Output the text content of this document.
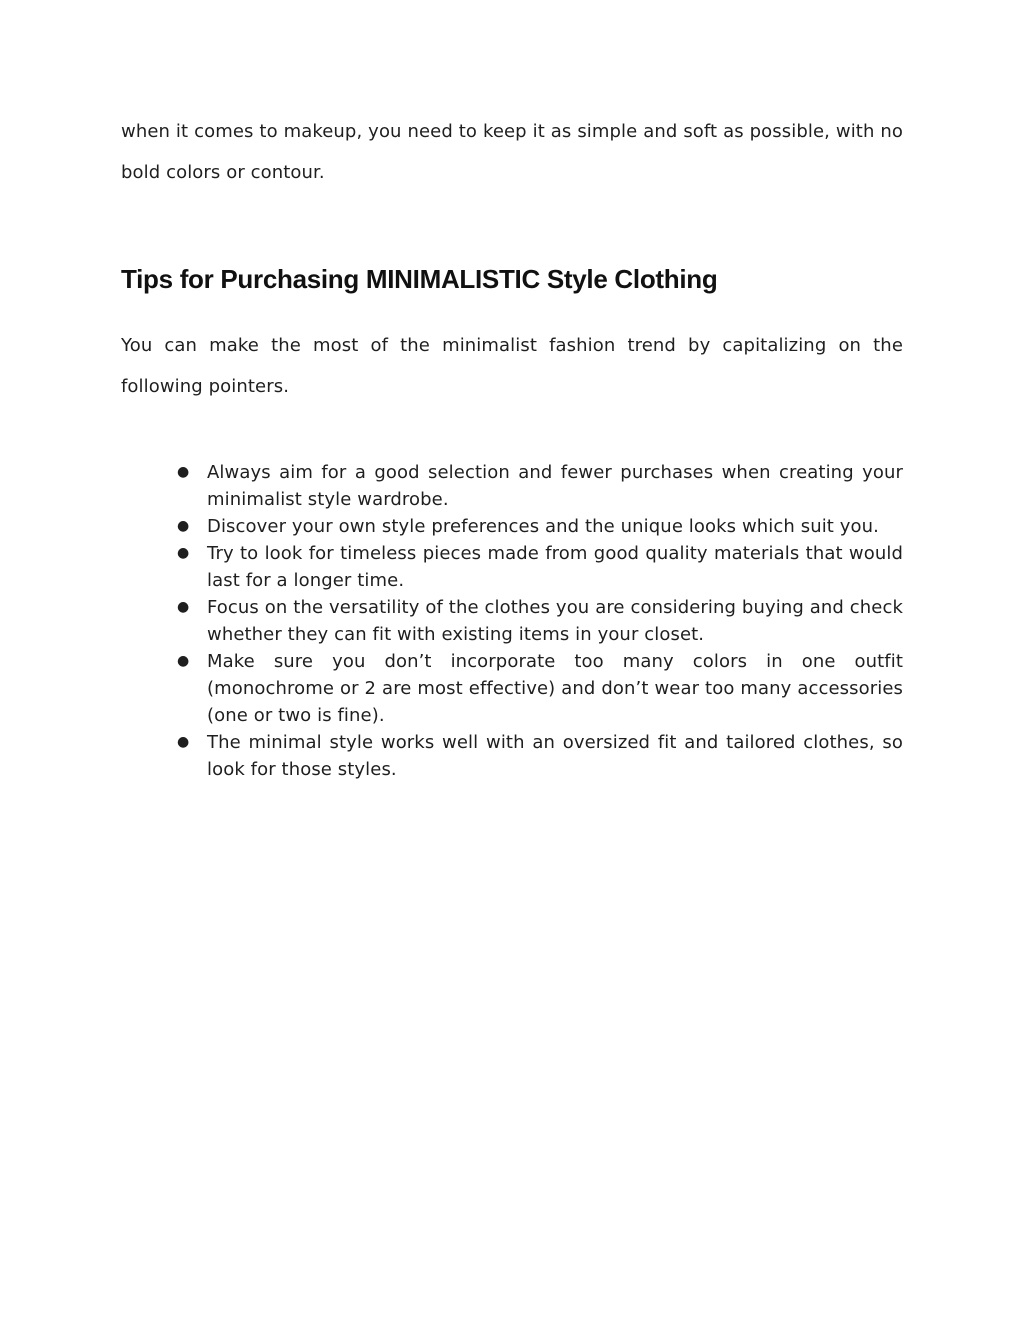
when it comes to makeup, you need to keep it as simple and soft as possible, with no bold colors or contour.

Tips for Purchasing MINIMALISTIC Style Clothing

You can make the most of the minimalist fashion trend by capitalizing on the following pointers.

● Always aim for a good selection and fewer purchases when creating your minimalist style wardrobe.
● Discover your own style preferences and the unique looks which suit you.
● Try to look for timeless pieces made from good quality materials that would last for a longer time.
● Focus on the versatility of the clothes you are considering buying and check whether they can fit with existing items in your closet.
● Make sure you don’t incorporate too many colors in one outfit (monochrome or 2 are most effective) and don’t wear too many accessories (one or two is fine).
● The minimal style works well with an oversized fit and tailored clothes, so look for those styles.
